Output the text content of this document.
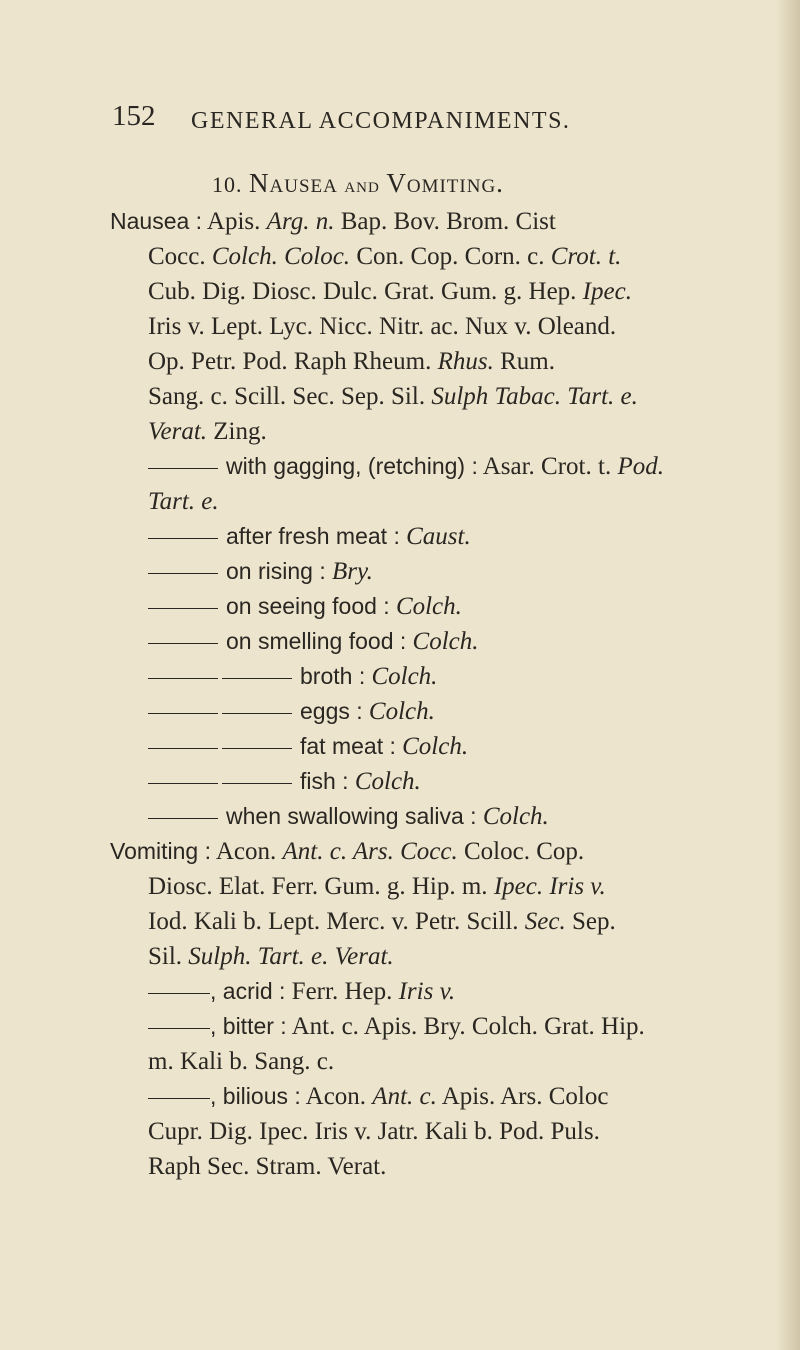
152 GENERAL ACCOMPANIMENTS.
10. Nausea and Vomiting.
Nausea : Apis. Arg. n. Bap. Bov. Brom. Cist
Cocc. Colch. Coloc. Con. Cop. Corn. c. Crot. t.
Cub. Dig. Diosc. Dulc. Grat. Gum. g. Hep. Ipec.
Iris v. Lept. Lyc. Nicc. Nitr. ac. Nux v. Oleand.
Op. Petr. Pod. Raph Rheum. Rhus. Rum.
Sang. c. Scill. Sec. Sep. Sil. Sulph Tabac. Tart. e.
Verat. Zing.
with gagging, (retching) : Asar. Crot. t. Pod.
Tart. e.
after fresh meat : Caust.
on rising : Bry.
on seeing food : Colch.
on smelling food : Colch.
broth : Colch.
eggs : Colch.
fat meat : Colch.
fish : Colch.
when swallowing saliva : Colch.
Vomiting : Acon. Ant. c. Ars. Cocc. Coloc. Cop.
Diosc. Elat. Ferr. Gum. g. Hip. m. Ipec. Iris v.
Iod. Kali b. Lept. Merc. v. Petr. Scill. Sec. Sep.
Sil. Sulph. Tart. e. Verat.
, acrid : Ferr. Hep. Iris v.
, bitter : Ant. c. Apis. Bry. Colch. Grat. Hip.
m. Kali b. Sang. c.
, bilious : Acon. Ant. c. Apis. Ars. Coloc
Cupr. Dig. Ipec. Iris v. Jatr. Kali b. Pod. Puls.
Raph Sec. Stram. Verat.
